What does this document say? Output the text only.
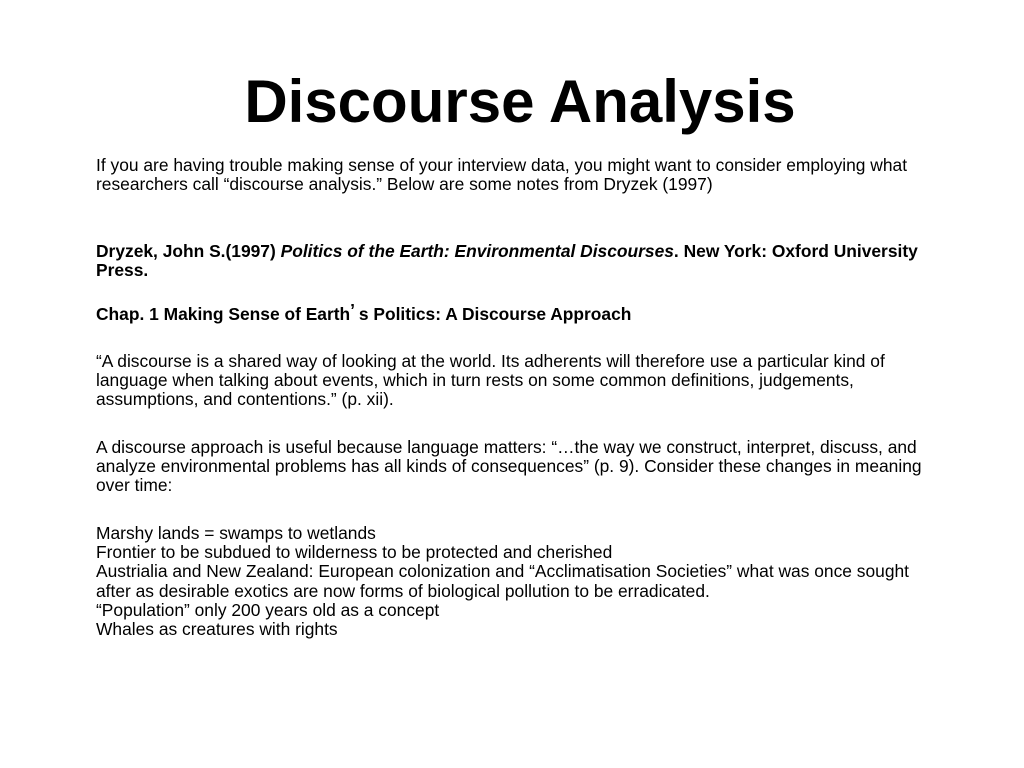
Discourse Analysis

If you are having trouble making sense of your interview data, you might want to consider employing what researchers call “discourse analysis.” Below are some notes from Dryzek (1997)

Dryzek, John S.(1997) Politics of the Earth: Environmental Discourses. New York: Oxford University Press.

Chap. 1 Making Sense of Earth’ s Politics: A Discourse Approach

“A discourse is a shared way of looking at the world. Its adherents will therefore use a particular kind of language when talking about events, which in turn rests on some common definitions, judgements, assumptions, and contentions.” (p. xii).

A discourse approach is useful because language matters: “…the way we construct, interpret, discuss, and analyze environmental problems has all kinds of consequences” (p. 9). Consider these changes in meaning over time:

Marshy lands = swamps to wetlands
Frontier to be subdued to wilderness to be protected and cherished
Austrialia and New Zealand: European colonization and “Acclimatisation Societies” what was once sought after as desirable exotics are now forms of biological pollution to be erradicated.
“Population” only 200 years old as a concept
Whales as creatures with rights
